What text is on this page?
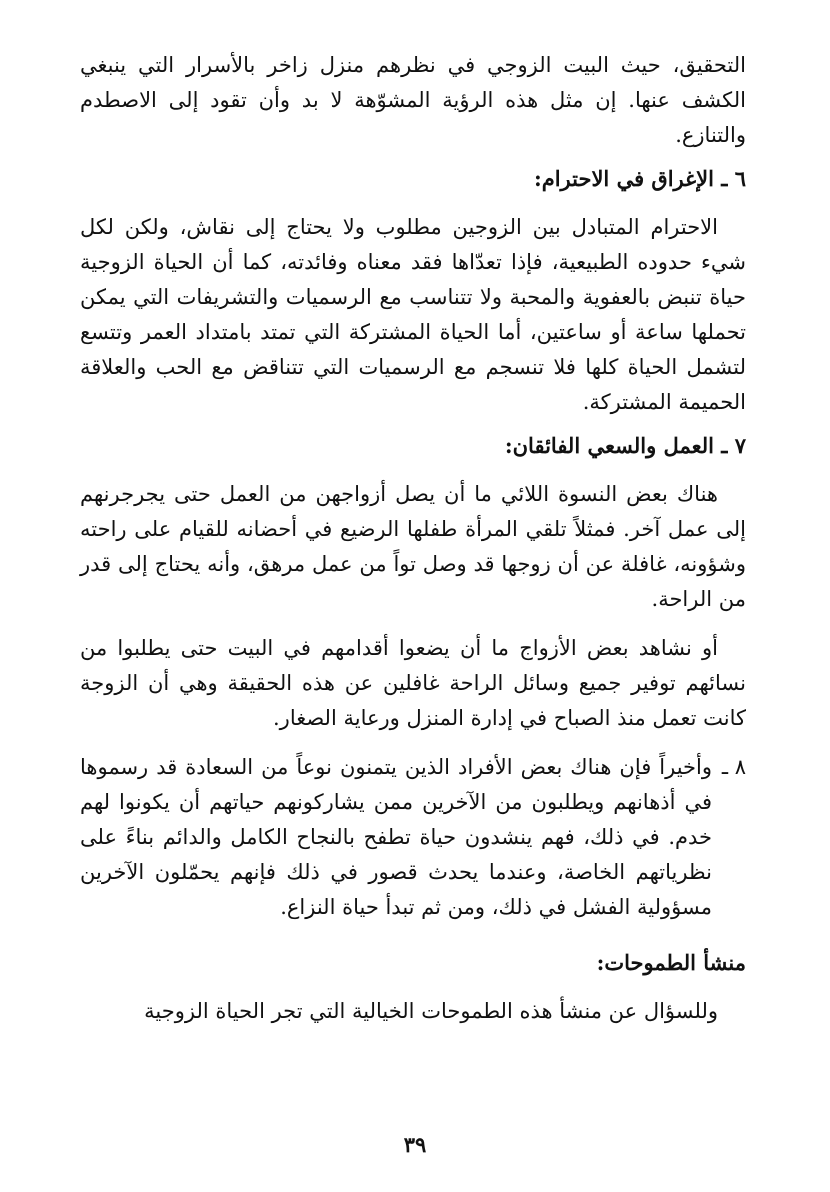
التحقيق، حيث البيت الزوجي في نظرهم منزل زاخر بالأسرار التي ينبغي الكشف عنها. إن مثل هذه الرؤية المشوّهة لا بد وأن تقود إلى الاصطدم والتنازع.

٦ ـ الإغراق في الاحترام:

الاحترام المتبادل بين الزوجين مطلوب ولا يحتاج إلى نقاش، ولكن لكل شيء حدوده الطبيعية، فإذا تعدّاها فقد معناه وفائدته، كما أن الحياة الزوجية حياة تنبض بالعفوية والمحبة ولا تتناسب مع الرسميات والتشريفات التي يمكن تحملها ساعة أو ساعتين، أما الحياة المشتركة التي تمتد بامتداد العمر وتتسع لتشمل الحياة كلها فلا تنسجم مع الرسميات التي تتناقض مع الحب والعلاقة الحميمة المشتركة.

٧ ـ العمل والسعي الفائقان:

هناك بعض النسوة اللائي ما أن يصل أزواجهن من العمل حتى يجرجرنهم إلى عمل آخر. فمثلاً تلقي المرأة طفلها الرضيع في أحضانه للقيام على راحته وشؤونه، غافلة عن أن زوجها قد وصل تواً من عمل مرهق، وأنه يحتاج إلى قدر من الراحة.

أو نشاهد بعض الأزواج ما أن يضعوا أقدامهم في البيت حتى يطلبوا من نسائهم توفير جميع وسائل الراحة غافلين عن هذه الحقيقة وهي أن الزوجة كانت تعمل منذ الصباح في إدارة المنزل ورعاية الصغار.

٨ ـ

وأخيراً فإن هناك بعض الأفراد الذين يتمنون نوعاً من السعادة قد رسموها في أذهانهم ويطلبون من الآخرين ممن يشاركونهم حياتهم أن يكونوا لهم خدم. في ذلك، فهم ينشدون حياة تطفح بالنجاح الكامل والدائم بناءً على نظرياتهم الخاصة، وعندما يحدث قصور في ذلك فإنهم يحمّلون الآخرين مسؤولية الفشل في ذلك، ومن ثم تبدأ حياة النزاع.

منشأ الطموحات:

وللسؤال عن منشأ هذه الطموحات الخيالية التي تجر الحياة الزوجية

٣٩
